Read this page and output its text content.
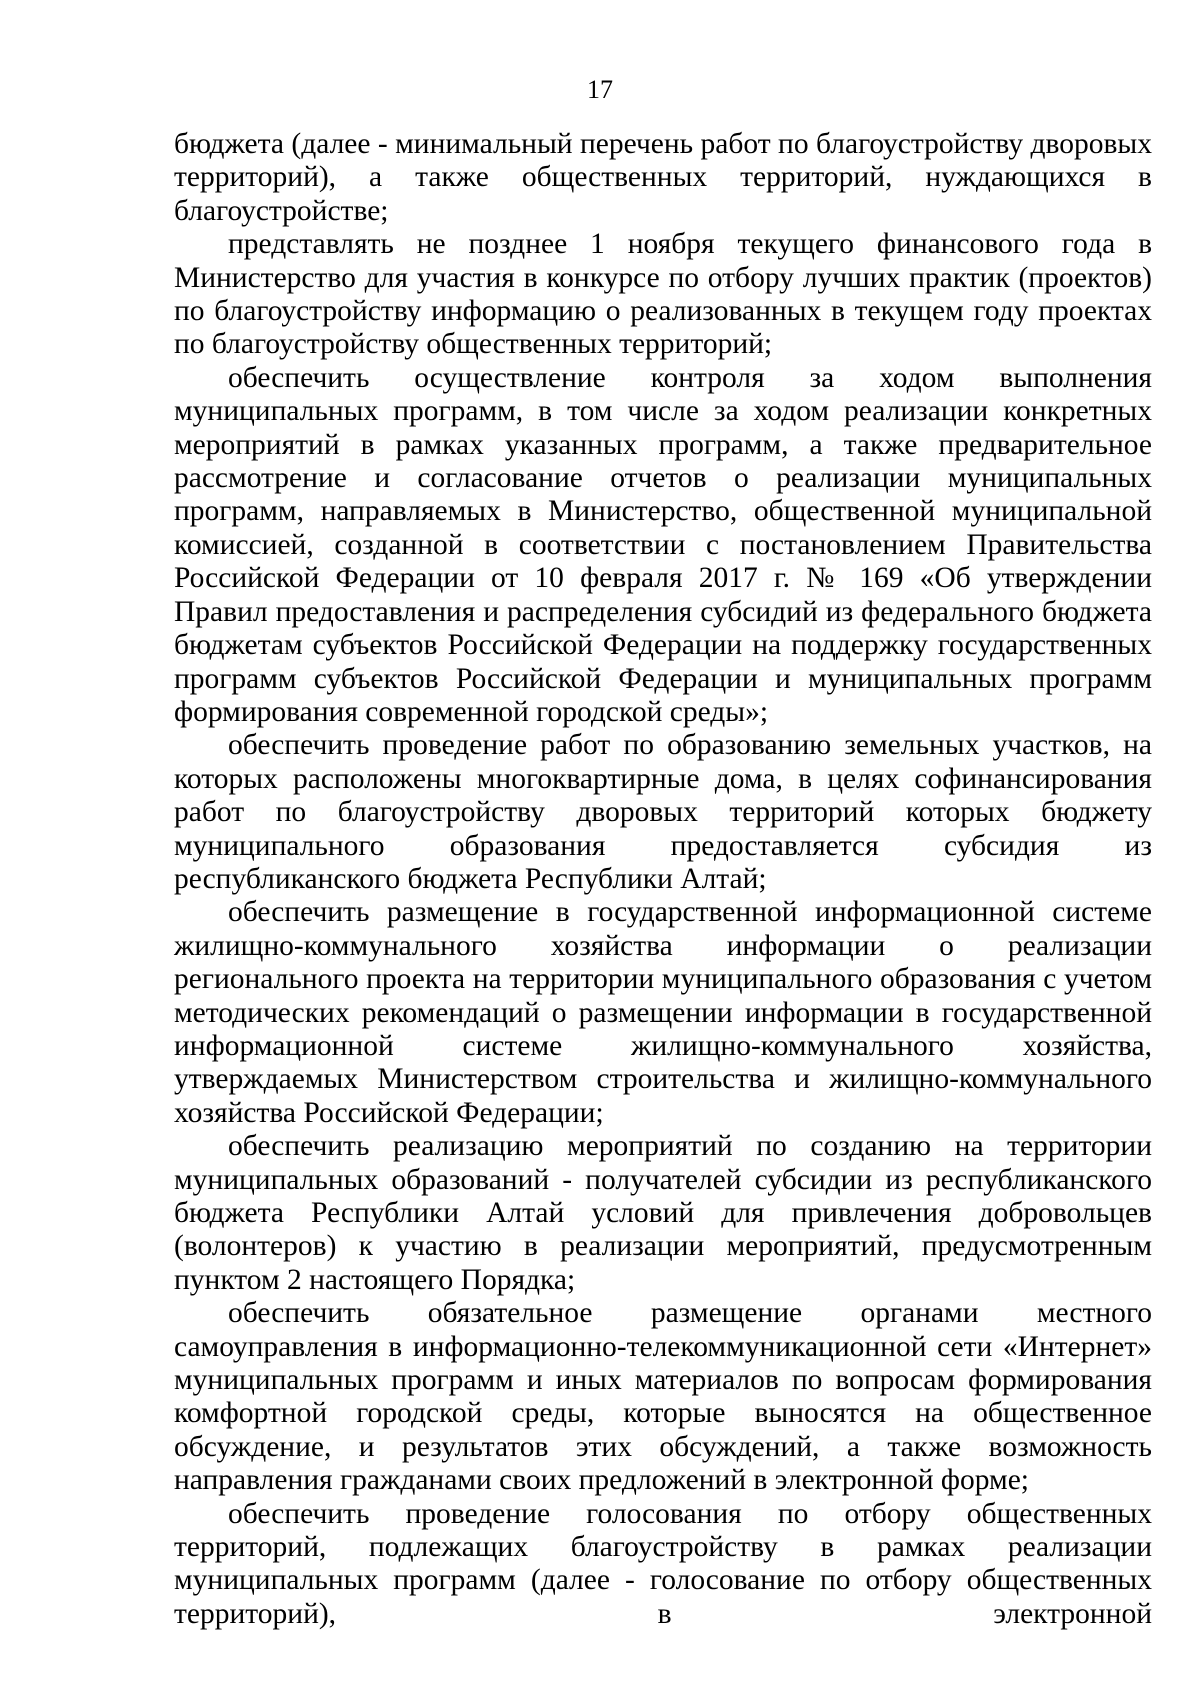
17

бюджета (далее - минимальный перечень работ по благоустройству дворовых территорий), а также общественных территорий, нуждающихся в благоустройстве;

представлять не позднее 1 ноября текущего финансового года в Министерство для участия в конкурсе по отбору лучших практик (проектов) по благоустройству информацию о реализованных в текущем году проектах по благоустройству общественных территорий;

обеспечить осуществление контроля за ходом выполнения муниципальных программ, в том числе за ходом реализации конкретных мероприятий в рамках указанных программ, а также предварительное рассмотрение и согласование отчетов о реализации муниципальных программ, направляемых в Министерство, общественной муниципальной комиссией, созданной в соответствии с постановлением Правительства Российской Федерации от 10 февраля 2017 г. № 169 «Об утверждении Правил предоставления и распределения субсидий из федерального бюджета бюджетам субъектов Российской Федерации на поддержку государственных программ субъектов Российской Федерации и муниципальных программ формирования современной городской среды»;

обеспечить проведение работ по образованию земельных участков, на которых расположены многоквартирные дома, в целях софинансирования работ по благоустройству дворовых территорий которых бюджету муниципального образования предоставляется субсидия из республиканского бюджета Республики Алтай;

обеспечить размещение в государственной информационной системе жилищно-коммунального хозяйства информации о реализации регионального проекта на территории муниципального образования с учетом методических рекомендаций о размещении информации в государственной информационной системе жилищно-коммунального хозяйства, утверждаемых Министерством строительства и жилищно-коммунального хозяйства Российской Федерации;

обеспечить реализацию мероприятий по созданию на территории муниципальных образований - получателей субсидии из республиканского бюджета Республики Алтай условий для привлечения добровольцев (волонтеров) к участию в реализации мероприятий, предусмотренным пунктом 2 настоящего Порядка;

обеспечить обязательное размещение органами местного самоуправления в информационно-телекоммуникационной сети «Интернет» муниципальных программ и иных материалов по вопросам формирования комфортной городской среды, которые выносятся на общественное обсуждение, и результатов этих обсуждений, а также возможность направления гражданами своих предложений в электронной форме;

обеспечить проведение голосования по отбору общественных территорий, подлежащих благоустройству в рамках реализации муниципальных программ (далее - голосование по отбору общественных территорий), в электронной
